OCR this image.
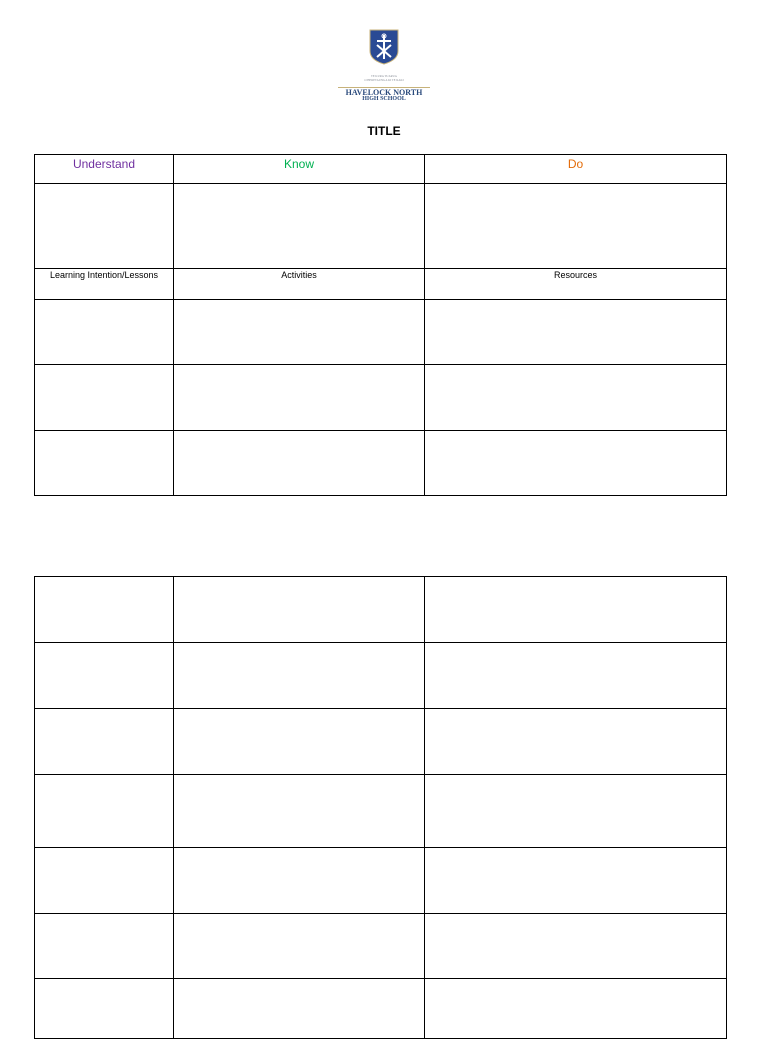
TE KURA TUARUA
O HERETAUNGA KI TE RAKI
HAVELOCK NORTH
HIGH SCHOOL
TITLE
Understand	Know	Do

Learning Intention/Lessons	Activities	Resources
